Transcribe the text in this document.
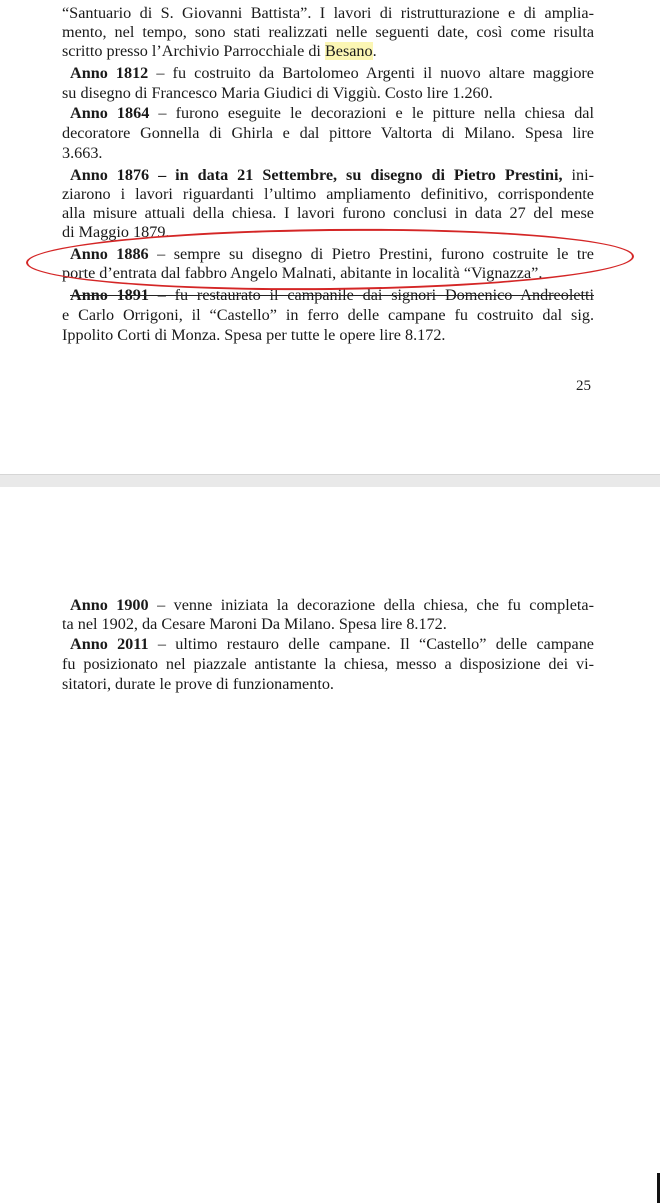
“Santuario di S. Giovanni Battista”. I lavori di ristrutturazione e di amplia-
mento, nel tempo, sono stati realizzati nelle seguenti date, così come risulta
scritto presso l’Archivio Parrocchiale di Besano.
Anno 1812 – fu costruito da Bartolomeo Argenti il nuovo altare maggiore
su disegno di Francesco Maria Giudici di Viggiù. Costo lire 1.260.
Anno 1864 – furono eseguite le decorazioni e le pitture nella chiesa dal
decoratore Gonnella di Ghirla e dal pittore Valtorta di Milano. Spesa lire
3.663.
Anno 1876 – in data 21 Settembre, su disegno di Pietro Prestini, ini-
ziarono i lavori riguardanti l’ultimo ampliamento definitivo, corrispondente
alla misure attuali della chiesa. I lavori furono conclusi in data 27 del mese
di Maggio 1879.
Anno 1886 – sempre su disegno di Pietro Prestini, furono costruite le tre
porte d’entrata dal fabbro Angelo Malnati, abitante in località “Vignazza”.
Anno 1891 – fu restaurato il campanile dai signori Domenico Andreoletti
e Carlo Orrigoni, il “Castello” in ferro delle campane fu costruito dal sig.
Ippolito Corti di Monza. Spesa per tutte le opere lire 8.172.
25
Anno 1900 – venne iniziata la decorazione della chiesa, che fu completa-
ta nel 1902, da Cesare Maroni Da Milano. Spesa lire 8.172.
Anno 2011 – ultimo restauro delle campane. Il “Castello” delle campane
fu posizionato nel piazzale antistante la chiesa, messo a disposizione dei vi-
sitatori, durate le prove di funzionamento.
